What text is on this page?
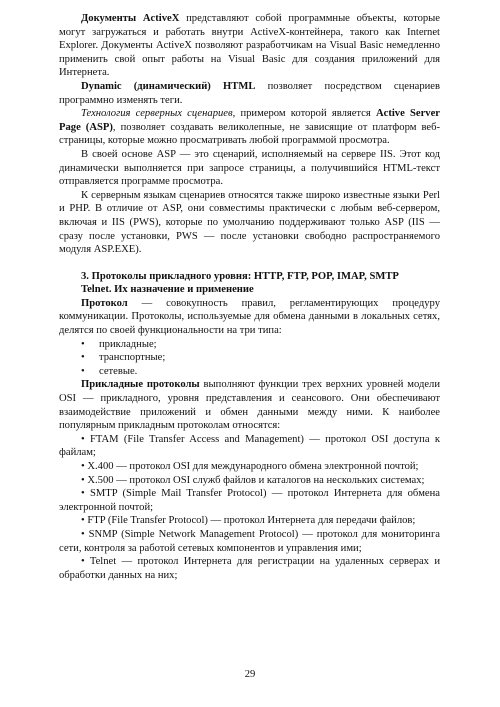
Документы ActiveX представляют собой программные объекты, которые могут загружаться и работать внутри ActiveX-контейнера, такого как Internet Explorer. Документы ActiveX позволяют разработчикам на Visual Basic немедленно применить свой опыт работы на Visual Basic для создания приложений для Интернета.

Dynamic (динамический) HTML позволяет посредством сценариев программно изменять теги.

Технология серверных сценариев, примером которой является Active Server Page (ASP), позволяет создавать великолепные, не зависящие от платформ веб-страницы, которые можно просматривать любой программой просмотра.

В своей основе ASP — это сценарий, исполняемый на сервере IIS. Этот код динамически выполняется при запросе страницы, а получившийся HTML-текст отправляется программе просмотра.

К серверным языкам сценариев относятся также широко известные языки Perl и PHP. В отличие от ASP, они совместимы практически с любым веб-сервером, включая и IIS (PWS), которые по умолчанию поддерживают только ASP (IIS — сразу после установки, PWS — после установки свободно распространяемого модуля ASP.EXE).

3. Протоколы прикладного уровня: HTTP, FTP, POP, IMAP, SMTP
Telnet. Их назначение и применение

Протокол — совокупность правил, регламентирующих процедуру коммуникации. Протоколы, используемые для обмена данными в локальных сетях, делятся по своей функциональности на три типа:

• прикладные;
• транспортные;
• сетевые.

Прикладные протоколы выполняют функции трех верхних уровней модели OSI — прикладного, уровня представления и сеансового. Они обеспечивают взаимодействие приложений и обмен данными между ними. К наиболее популярным прикладным протоколам относятся:

• FTAM (File Transfer Access and Management) — протокол OSI доступа к файлам;

• X.400 — протокол OSI для международного обмена электронной почтой;

• X.500 — протокол OSI служб файлов и каталогов на нескольких системах;

• SMTP (Simple Mail Transfer Protocol) — протокол Интернета для обмена электронной почтой;

• FTP (File Transfer Protocol) — протокол Интернета для передачи файлов;

• SNMP (Simple Network Management Protocol) — протокол для мониторинга сети, контроля за работой сетевых компонентов и управления ими;

• Telnet — протокол Интернета для регистрации на удаленных серверах и обработки данных на них;

29
